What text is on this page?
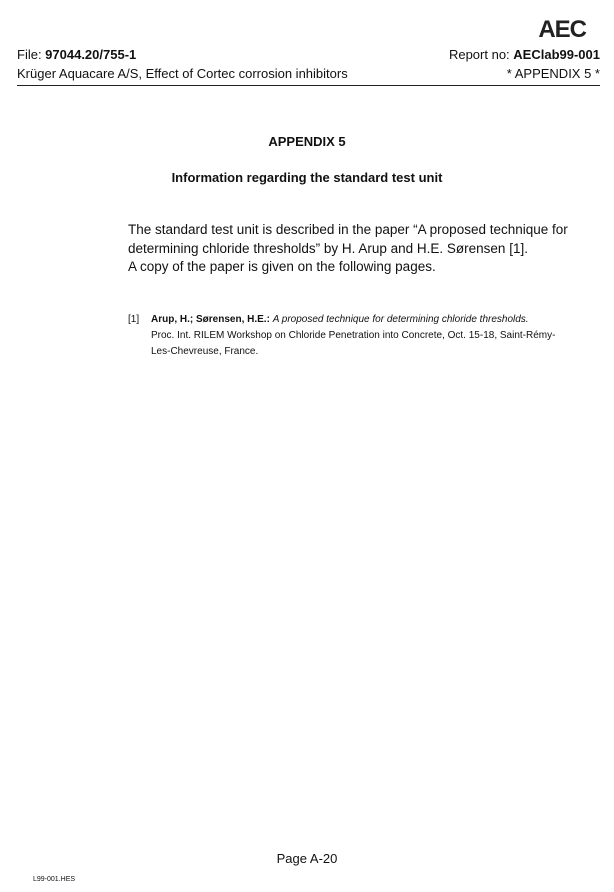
AEC
File: 97044.20/755-1	Report no: AEClab99-001
Krüger Aquacare A/S, Effect of Cortec corrosion inhibitors	* APPENDIX 5 *
APPENDIX 5
Information regarding the standard test unit
The standard test unit is described in the paper “A proposed technique for
determining chloride thresholds” by H. Arup and H.E. Sørensen [1].
A copy of the paper is given on the following pages.
[1] Arup, H.; Sørensen, H.E.: A proposed technique for determining chloride thresholds.
Proc. Int. RILEM Workshop on Chloride Penetration into Concrete, Oct. 15-18, Saint-Rémy-
Les-Chevreuse, France.
Page A-20
L99-001.HES
